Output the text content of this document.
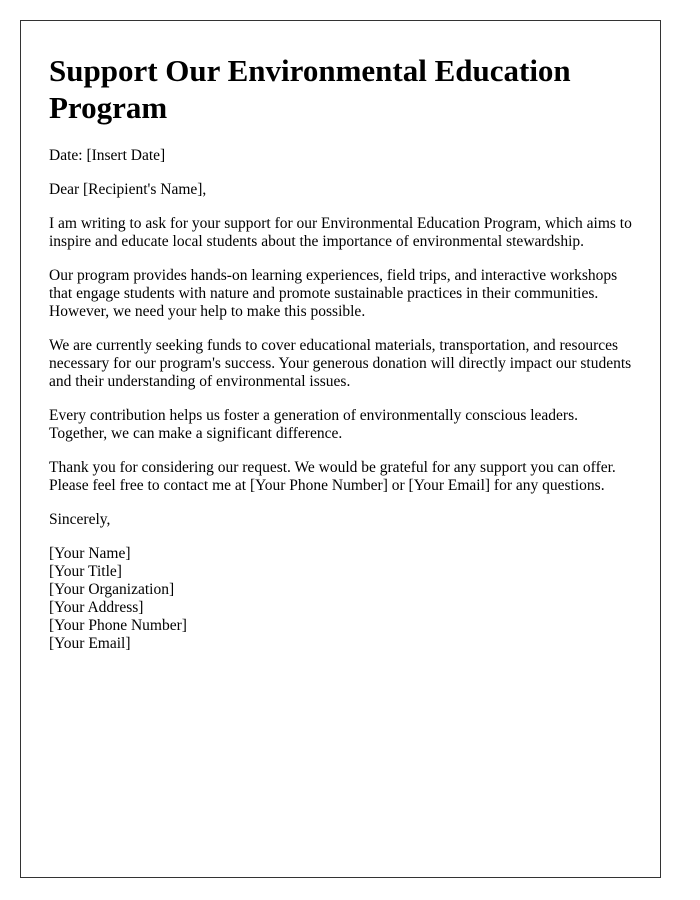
Support Our Environmental Education Program

Date: [Insert Date]

Dear [Recipient's Name],

I am writing to ask for your support for our Environmental Education Program, which aims to inspire and educate local students about the importance of environmental stewardship.

Our program provides hands-on learning experiences, field trips, and interactive workshops that engage students with nature and promote sustainable practices in their communities. However, we need your help to make this possible.

We are currently seeking funds to cover educational materials, transportation, and resources necessary for our program's success. Your generous donation will directly impact our students and their understanding of environmental issues.

Every contribution helps us foster a generation of environmentally conscious leaders. Together, we can make a significant difference.

Thank you for considering our request. We would be grateful for any support you can offer. Please feel free to contact me at [Your Phone Number] or [Your Email] for any questions.

Sincerely,

[Your Name]
[Your Title]
[Your Organization]
[Your Address]
[Your Phone Number]
[Your Email]
